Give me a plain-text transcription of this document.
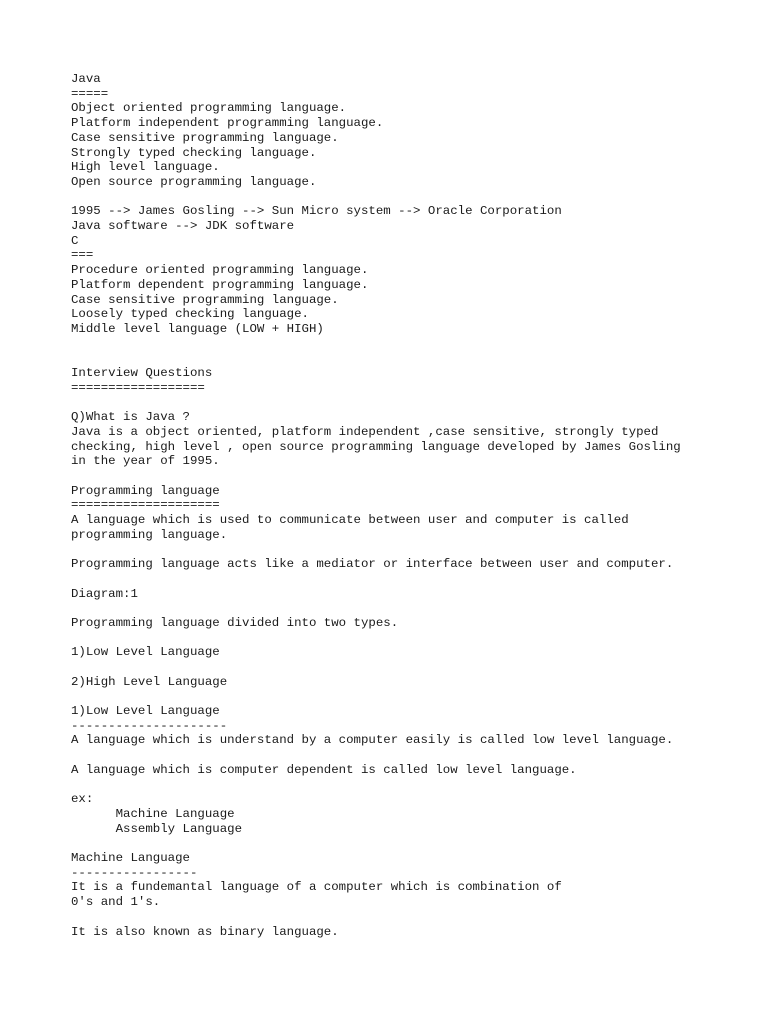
Java
=====
Object oriented programming language.
Platform independent programming language.
Case sensitive programming language.
Strongly typed checking language.
High level language.
Open source programming language.
1995 --> James Gosling --> Sun Micro system --> Oracle Corporation
Java software --> JDK software
C
===
Procedure oriented programming language.
Platform dependent programming language.
Case sensitive programming language.
Loosely typed checking language.
Middle level language (LOW + HIGH)
Interview Questions
==================
Q)What is Java ?
Java is a object oriented, platform independent ,case sensitive, strongly typed
checking, high level , open source programming language developed by James Gosling
in the year of 1995.
Programming language
====================
A language which is used to communicate between user and computer is called
programming language.
Programming language acts like a mediator or interface between user and computer.
Diagram:1
Programming language divided into two types.
1)Low Level Language
2)High Level Language
1)Low Level Language
---------------------
A language which is understand by a computer easily is called low level language.
A language which is computer dependent is called low level language.
ex:
Machine Language
Assembly Language
Machine Language
-----------------
It is a fundemantal language of a computer which is combination of
0's and 1's.
It is also known as binary language.
